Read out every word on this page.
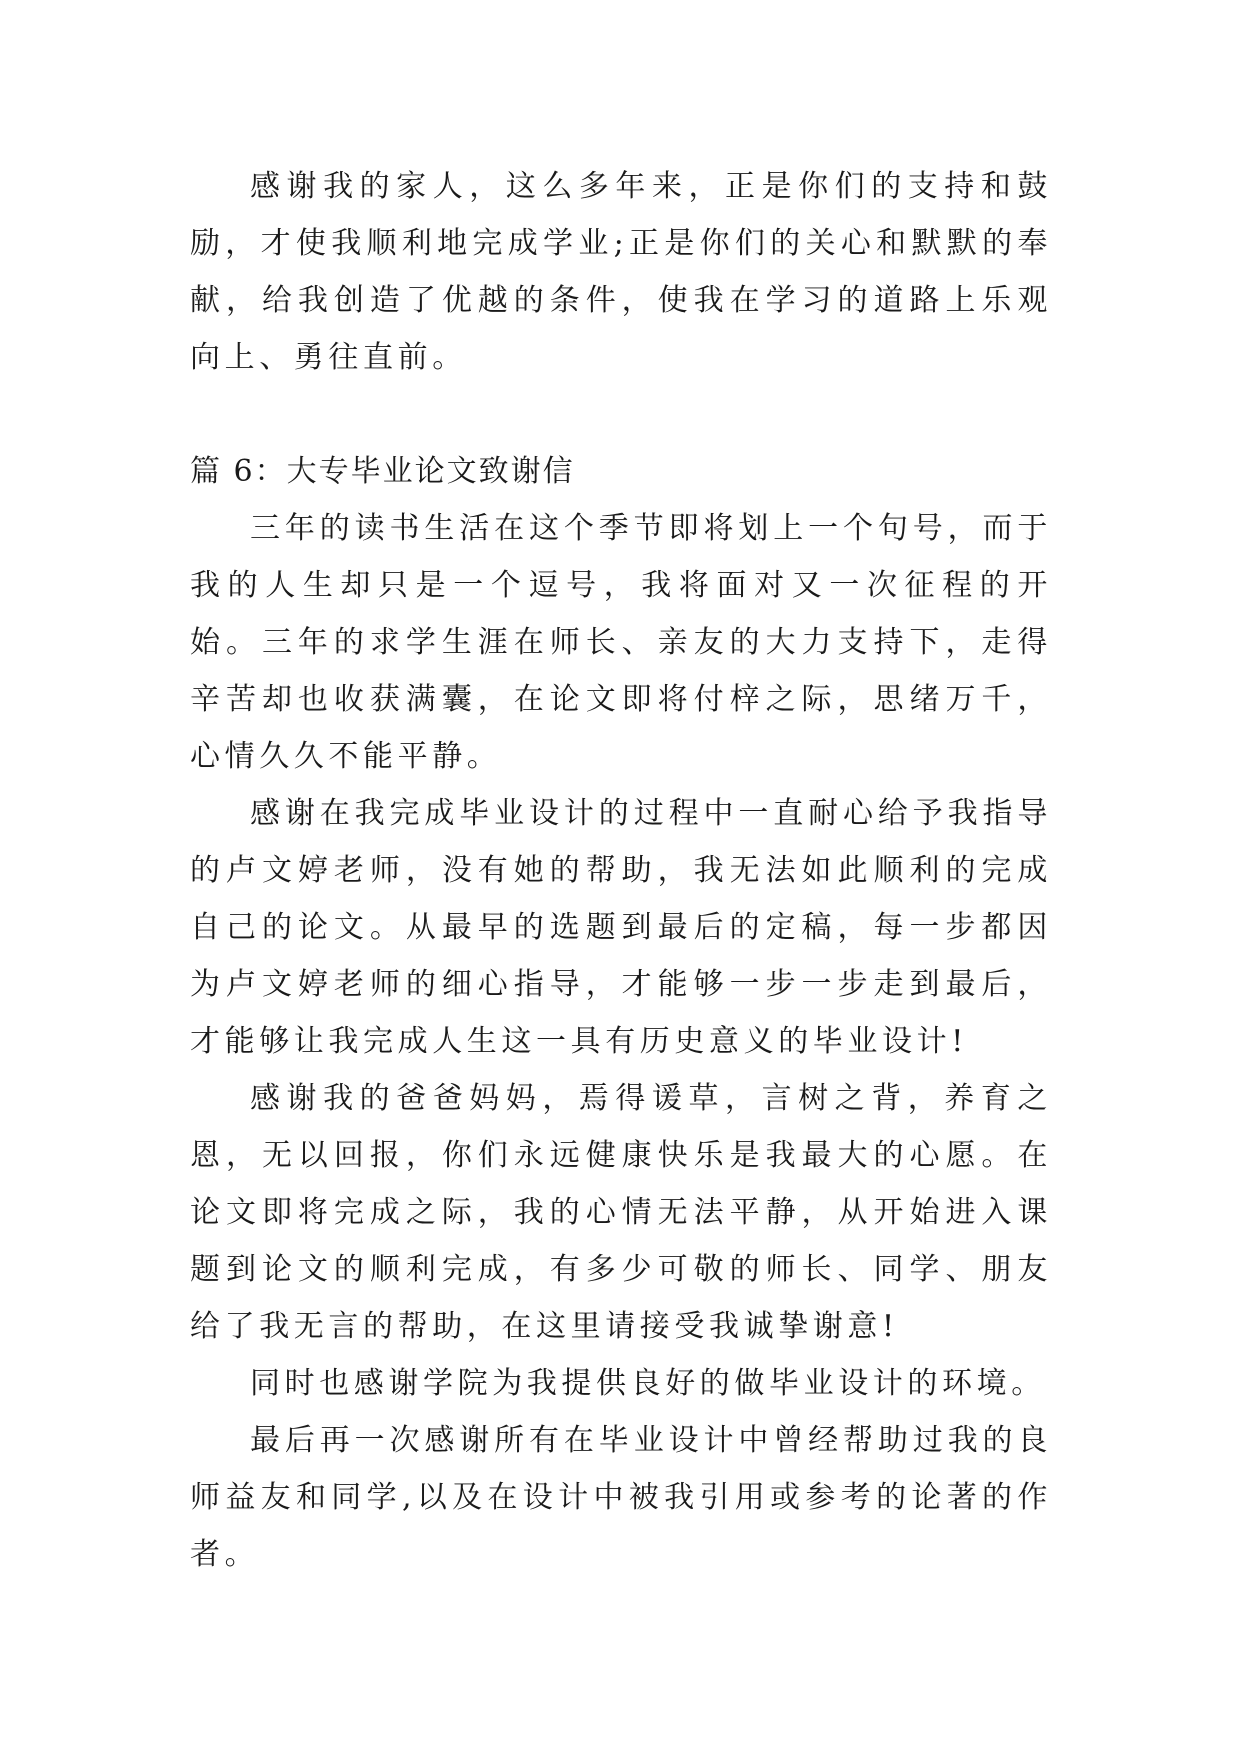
感谢我的家人，这么多年来，正是你们的支持和鼓励，才使我顺利地完成学业;正是你们的关心和默默的奉献，给我创造了优越的条件，使我在学习的道路上乐观向上、勇往直前。

篇 6：大专毕业论文致谢信

三年的读书生活在这个季节即将划上一个句号，而于我的人生却只是一个逗号，我将面对又一次征程的开始。三年的求学生涯在师长、亲友的大力支持下，走得辛苦却也收获满囊，在论文即将付梓之际，思绪万千，心情久久不能平静。

感谢在我完成毕业设计的过程中一直耐心给予我指导的卢文婷老师，没有她的帮助，我无法如此顺利的完成自己的论文。从最早的选题到最后的定稿，每一步都因为卢文婷老师的细心指导，才能够一步一步走到最后，才能够让我完成人生这一具有历史意义的毕业设计!

感谢我的爸爸妈妈，焉得谖草，言树之背，养育之恩，无以回报，你们永远健康快乐是我最大的心愿。在论文即将完成之际，我的心情无法平静，从开始进入课题到论文的顺利完成，有多少可敬的师长、同学、朋友给了我无言的帮助，在这里请接受我诚挚谢意!

同时也感谢学院为我提供良好的做毕业设计的环境。

最后再一次感谢所有在毕业设计中曾经帮助过我的良师益友和同学,以及在设计中被我引用或参考的论著的作者。
